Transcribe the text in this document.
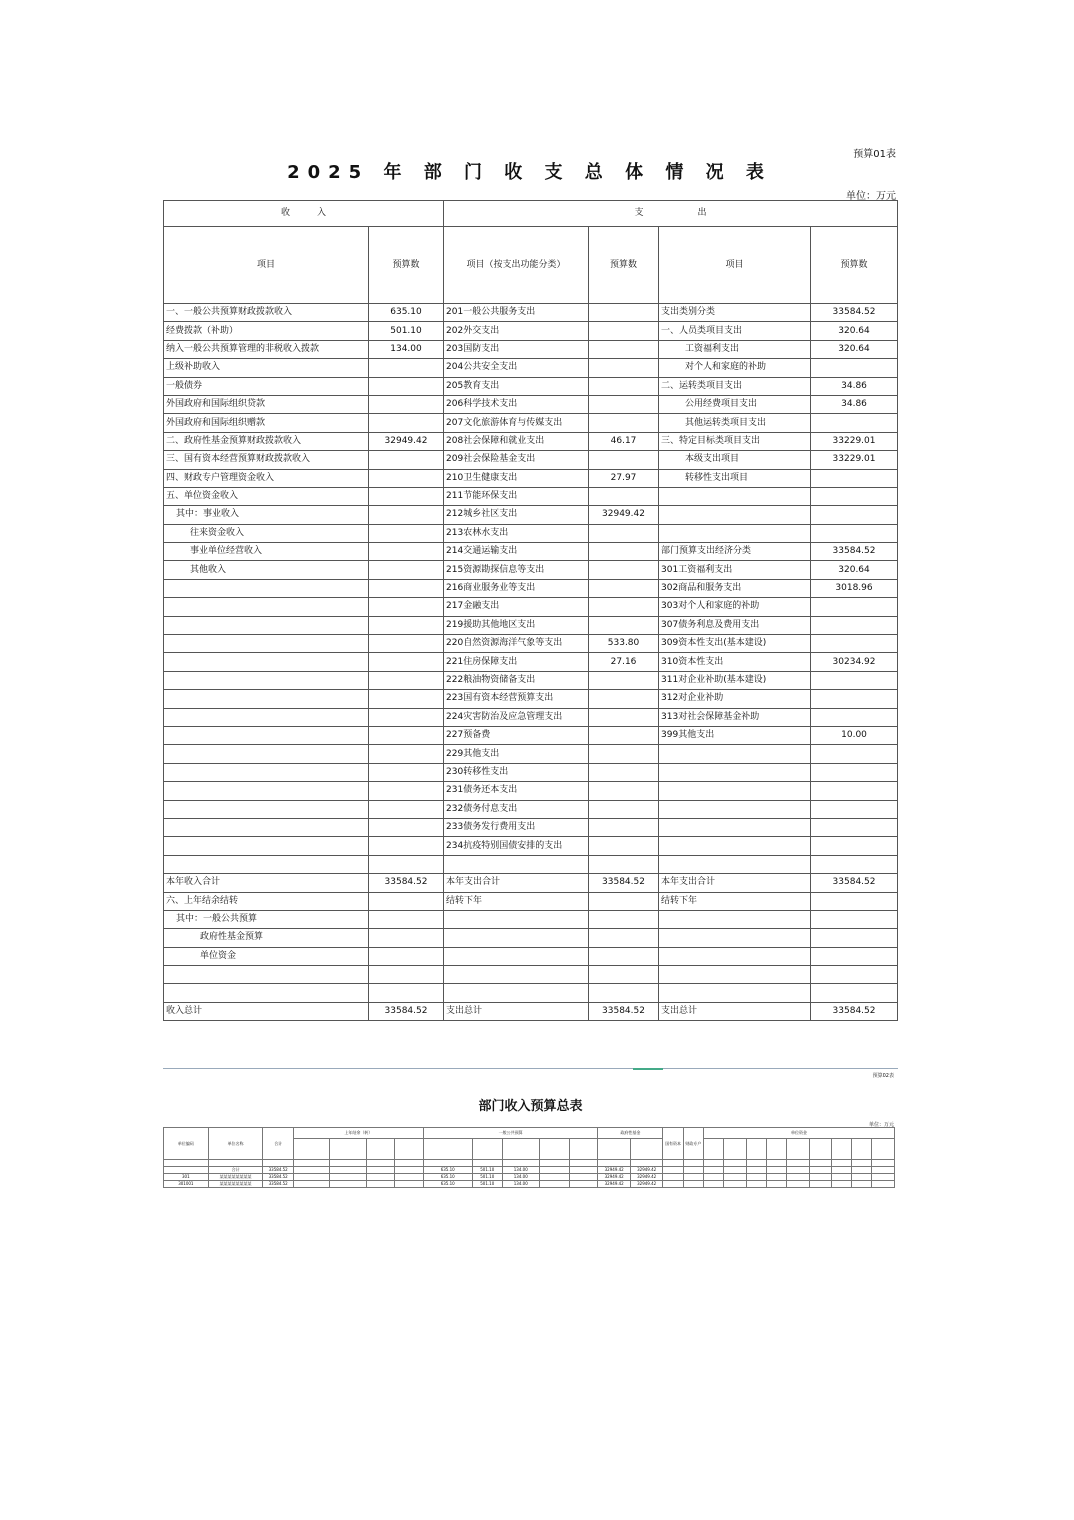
预算01表
2025 年 部 门 收 支 总 体 情 况 表
单位：万元
收　　　入		支　　　　　　出			
项目	预算数	项目（按支出功能分类）	预算数	项目	预算数
一、一般公共预算财政拨款收入	635.10	201一般公共服务支出		支出类别分类	33584.52
经费拨款（补助）	501.10	202外交支出		一、人员类项目支出	320.64
纳入一般公共预算管理的非税收入拨款	134.00	203国防支出		工资福利支出	320.64
上级补助收入		204公共安全支出		对个人和家庭的补助	
一般债券		205教育支出		二、运转类项目支出	34.86
外国政府和国际组织贷款		206科学技术支出		公用经费项目支出	34.86
外国政府和国际组织赠款		207文化旅游体育与传媒支出		其他运转类项目支出	
二、政府性基金预算财政拨款收入	32949.42	208社会保障和就业支出	46.17	三、特定目标类项目支出	33229.01
三、国有资本经营预算财政拨款收入		209社会保险基金支出		本级支出项目	33229.01
四、财政专户管理资金收入		210卫生健康支出	27.97	转移性支出项目	
五、单位资金收入		211节能环保支出			
其中：事业收入		212城乡社区支出	32949.42		
往来资金收入		213农林水支出			
事业单位经营收入		214交通运输支出		部门预算支出经济分类	33584.52
其他收入		215资源勘探信息等支出		301工资福利支出	320.64
		216商业服务业等支出		302商品和服务支出	3018.96
		217金融支出		303对个人和家庭的补助	
		219援助其他地区支出		307债务利息及费用支出	
		220自然资源海洋气象等支出	533.80	309资本性支出(基本建设)	
		221住房保障支出	27.16	310资本性支出	30234.92
		222粮油物资储备支出		311对企业补助(基本建设)	
		223国有资本经营预算支出		312对企业补助	
		224灾害防治及应急管理支出		313对社会保障基金补助	
		227预备费		399其他支出	10.00
		229其他支出			
		230转移性支出			
		231债务还本支出			
		232债务付息支出			
		233债务发行费用支出			
		234抗疫特别国债安排的支出			

本年收入合计	33584.52	本年支出合计	33584.52	本年支出合计	33584.52
六、上年结余结转		结转下年		结转下年	
其中：一般公共预算					
政府性基金预算					
单位资金					

收入总计	33584.52	支出总计	33584.52	支出总计	33584.52
预算02表
部门收入预算总表
单位：万元
单位编码	单位名称	合计	上年结余（转）				一般公共预算					政府性基金		国有资本	财政专户	单位资金								

	合计	33584.52					635.10	501.10	134.00			32949.42	32949.42											
301	某某某某某某某某	33584.52					635.10	501.10	134.00			32949.42	32949.42											
301001	某某某某某某某某	33584.52					635.10	501.10	134.00			32949.42	32949.42											
